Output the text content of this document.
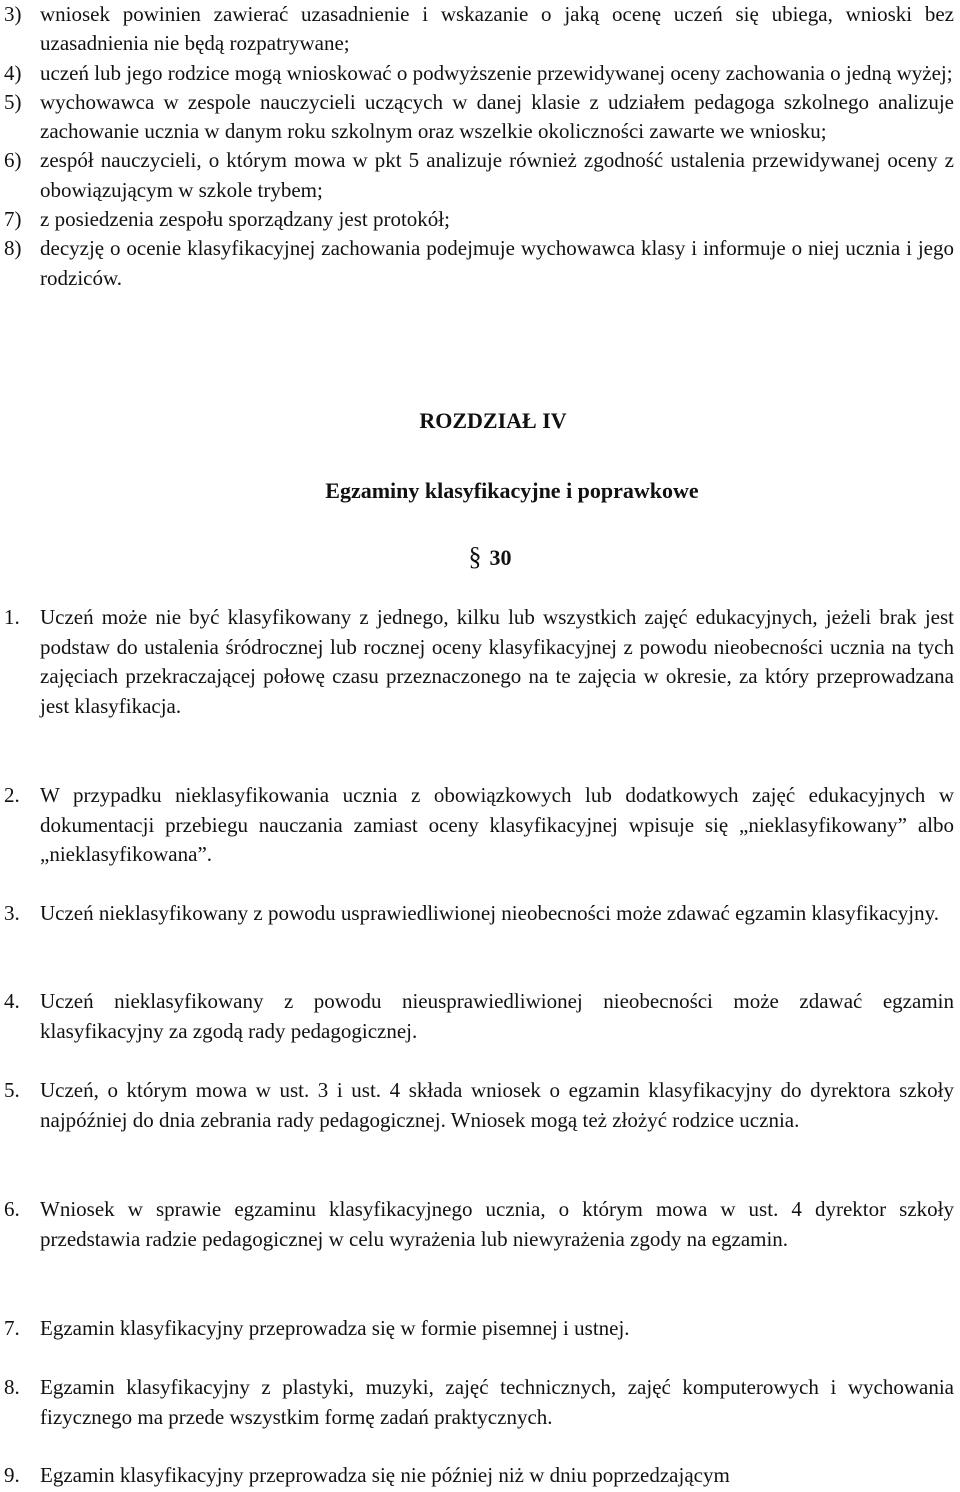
3) wniosek powinien zawierać uzasadnienie i wskazanie o jaką ocenę uczeń się ubiega, wnioski bez uzasadnienia nie będą rozpatrywane;
4) uczeń lub jego rodzice mogą wnioskować o podwyższenie przewidywanej oceny zachowania o jedną wyżej;
5) wychowawca w zespole nauczycieli uczących w danej klasie z udziałem pedagoga szkolnego analizuje zachowanie ucznia w danym roku szkolnym oraz wszelkie okoliczności zawarte we wniosku;
6) zespół nauczycieli, o którym mowa w pkt 5 analizuje również zgodność ustalenia przewidywanej oceny z obowiązującym w szkole trybem;
7) z posiedzenia zespołu sporządzany jest protokół;
8) decyzję o ocenie klasyfikacyjnej zachowania podejmuje wychowawca klasy i informuje o niej ucznia i jego rodziców.
ROZDZIAŁ IV
Egzaminy klasyfikacyjne i poprawkowe
§ 30
1. Uczeń może nie być klasyfikowany z jednego, kilku lub wszystkich zajęć edukacyjnych, jeżeli brak jest podstaw do ustalenia śródrocznej lub rocznej oceny klasyfikacyjnej z powodu nieobecności ucznia na tych zajęciach przekraczającej połowę czasu przeznaczonego na te zajęcia w okresie, za który przeprowadzana jest klasyfikacja.
2. W przypadku nieklasyfikowania ucznia z obowiązkowych lub dodatkowych zajęć edukacyjnych w dokumentacji przebiegu nauczania zamiast oceny klasyfikacyjnej wpisuje się „nieklasyfikowany” albo „nieklasyfikowana”.
3. Uczeń nieklasyfikowany z powodu usprawiedliwionej nieobecności może zdawać egzamin klasyfikacyjny.
4. Uczeń nieklasyfikowany z powodu nieusprawiedliwionej nieobecności może zdawać egzamin klasyfikacyjny za zgodą rady pedagogicznej.
5. Uczeń, o którym mowa w ust. 3 i ust. 4 składa wniosek o egzamin klasyfikacyjny do dyrektora szkoły najpóźniej do dnia zebrania rady pedagogicznej. Wniosek mogą też złożyć rodzice ucznia.
6. Wniosek w sprawie egzaminu klasyfikacyjnego ucznia, o którym mowa w ust. 4 dyrektor szkoły przedstawia radzie pedagogicznej w celu wyrażenia lub niewyrażenia zgody na egzamin.
7. Egzamin klasyfikacyjny przeprowadza się w formie pisemnej i ustnej.
8. Egzamin klasyfikacyjny z plastyki, muzyki, zajęć technicznych, zajęć komputerowych i wychowania fizycznego ma przede wszystkim formę zadań praktycznych.
9. Egzamin klasyfikacyjny przeprowadza się nie później niż w dniu poprzedzającym
